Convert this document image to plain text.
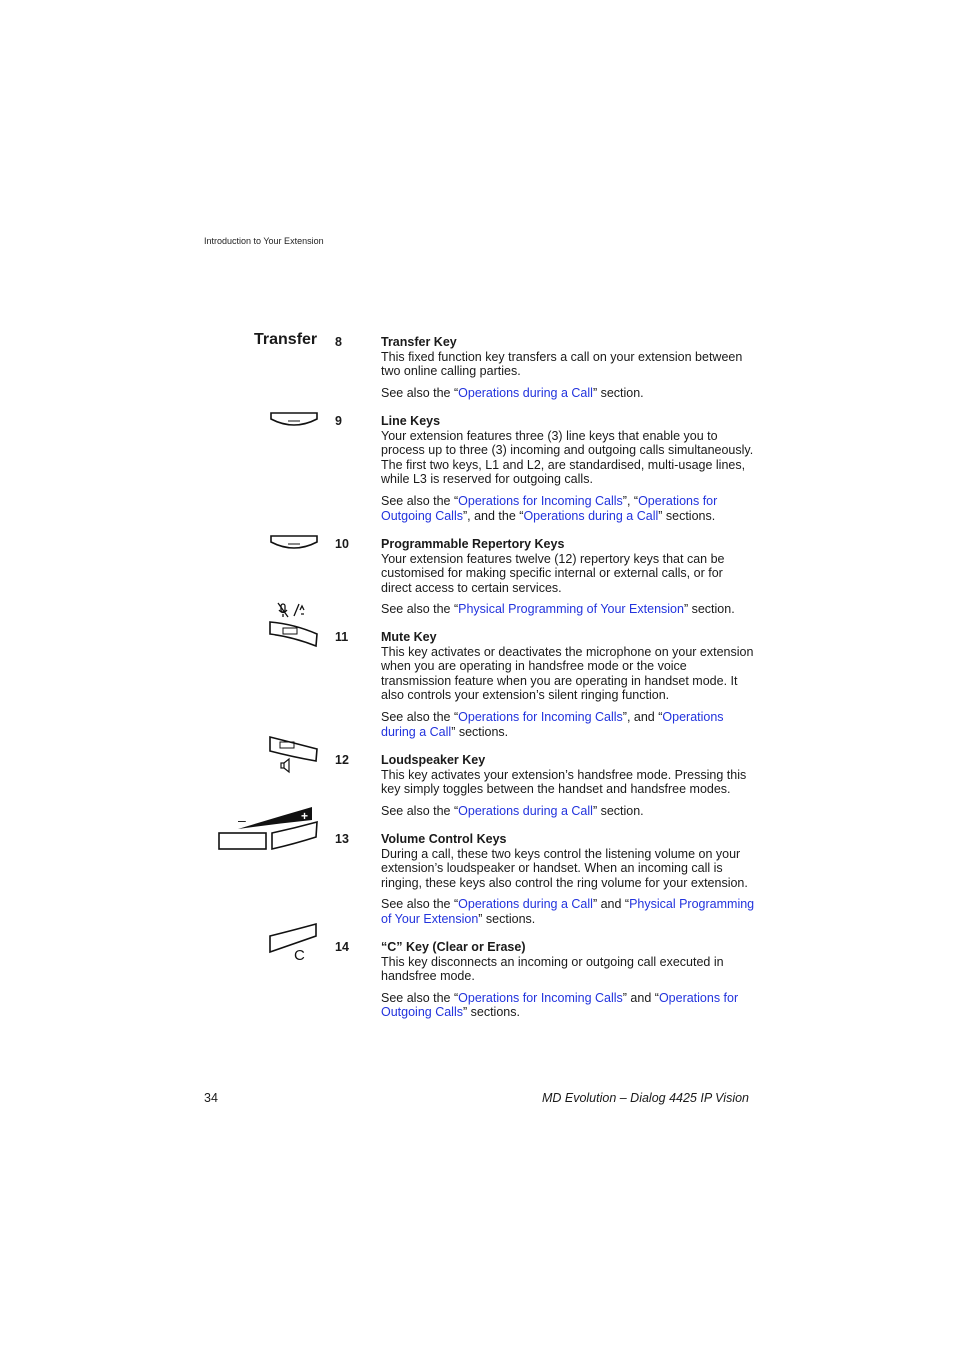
Introduction to Your Extension
Transfer
–	+
C
8	Transfer Key

This fixed function key transfers a call on your extension between two online calling parties.

See also the “Operations during a Call” section.

9	Line Keys

Your extension features three (3) line keys that enable you to process up to three (3) incoming and outgoing calls simultaneously. The first two keys, L1 and L2, are standardised, multi-usage lines, while L3 is reserved for outgoing calls.

See also the “Operations for Incoming Calls”, “Operations for Outgoing Calls”, and the “Operations during a Call” sections.

10	Programmable Repertory Keys

Your extension features twelve (12) repertory keys that can be customised for making specific internal or external calls, or for direct access to certain services.

See also the “Physical Programming of Your Extension” section.

11	Mute Key

This key activates or deactivates the microphone on your extension when you are operating in handsfree mode or the voice transmission feature when you are operating in handset mode. It also controls your extension’s silent ringing function.

See also the “Operations for Incoming Calls”, and “Operations during a Call” sections.

12	Loudspeaker Key

This key activates your extension’s handsfree mode. Pressing this key simply toggles between the handset and handsfree modes.

See also the “Operations during a Call” section.

13	Volume Control Keys

During a call, these two keys control the listening volume on your extension’s loudspeaker or handset. When an incoming call is ringing, these keys also control the ring volume for your extension.

See also the “Operations during a Call” and “Physical Programming of Your Extension” sections.

14	“C” Key (Clear or Erase)

This key disconnects an incoming or outgoing call executed in handsfree mode.

See also the “Operations for Incoming Calls” and “Operations for Outgoing Calls” sections.

34	MD Evolution – Dialog 4425 IP Vision
